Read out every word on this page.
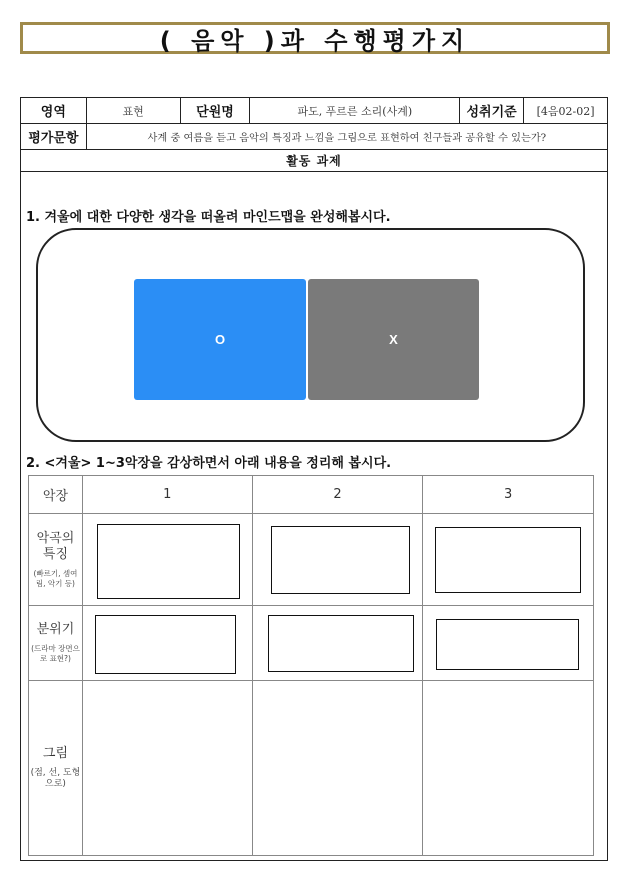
( 음악 )과 수행평가지
영역	표현	단원명	파도, 푸르른 소리(사계)	성취기준	[4음02-02]
평가문항	사계 중 여름을 듣고 음악의 특징과 느낌을 그림으로 표현하여 친구들과 공유할 수 있는가?				
활동 과제					
1. 겨울에 대한 다양한 생각을 떠올려 마인드맵을 완성해봅시다.
O	X
2. <겨울> 1~3악장을 감상하면서 아래 내용을 정리해 봅시다.
악장	1	2	3

악곡의 특징
(빠르기, 셈여림, 악기 등)			

분위기
(드라마 장면으로 표현?)			

그림
(점, 선, 도형으로)			
